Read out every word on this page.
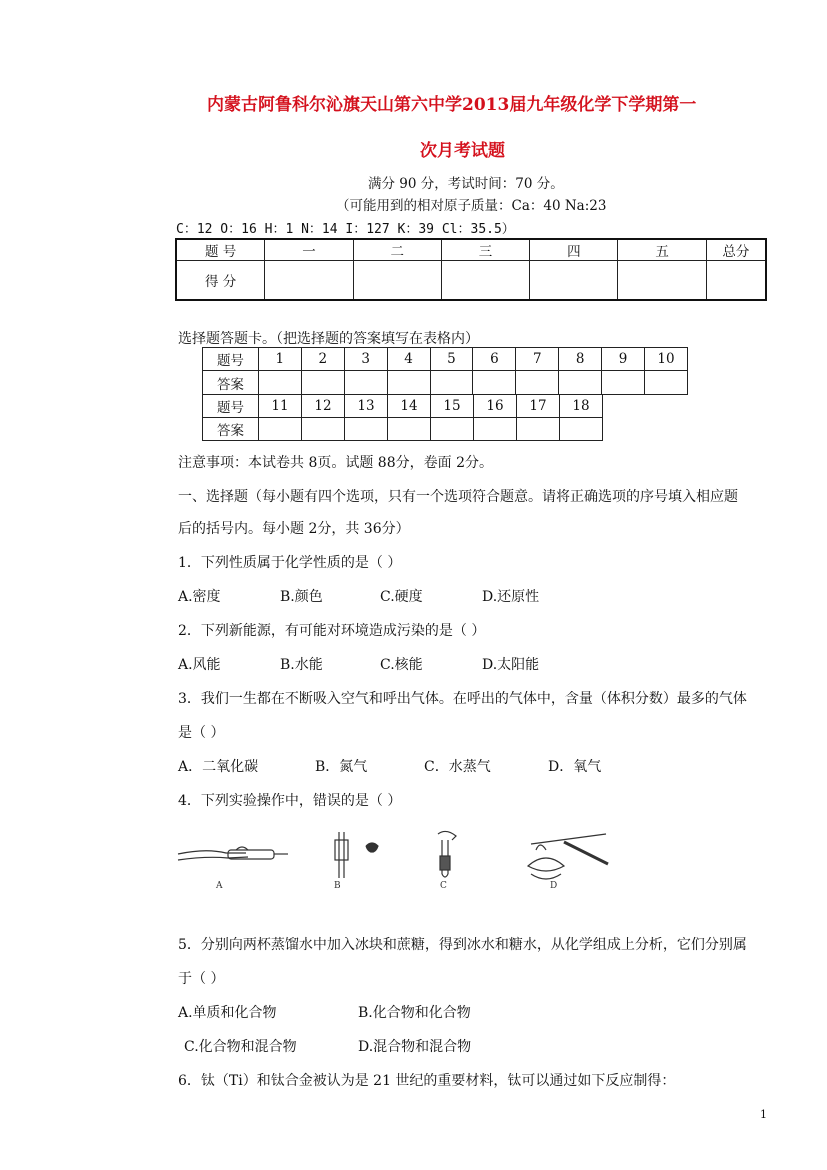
内蒙古阿鲁科尔沁旗天山第六中学2013届九年级化学下学期第一
次月考试题
满分 90 分，考试时间：70 分。
（可能用到的相对原子质量：Ca：40 Na:23
C：12 O：16 H：1 N：14 I：127 K：39 Cl：35.5）
题 号	一	二	三	四	五	总分
得 分						
选择题答题卡。（把选择题的答案填写在表格内）
题号	1	2	3	4	5	6	7	8	9	10
答案										
题号	11	12	13	14	15	16	17	18
答案								
注意事项：本试卷共 8页。试题 88分，卷面 2分。
一、选择题（每小题有四个选项，只有一个选项符合题意。请将正确选项的序号填入相应题
后的括号内。每小题 2分，共 36分）
1．下列性质属于化学性质的是（ ）
A.密度	B.颜色	C.硬度	D.还原性
2．下列新能源，有可能对环境造成污染的是（ ）
A.风能	B.水能	C.核能	D.太阳能
3．我们一生都在不断吸入空气和呼出气体。在呼出的气体中，含量（体积分数）最多的气体
是（ ）
A．二氧化碳	B．氮气	C．水蒸气	D．氧气
4．下列实验操作中，错误的是（ ）
A	B	C	D
5．分别向两杯蒸馏水中加入冰块和蔗糖，得到冰水和糖水，从化学组成上分析，它们分别属
于（ ）
A.单质和化合物	B.化合物和化合物
C.化合物和混合物	D.混合物和混合物
6．钛（Ti）和钛合金被认为是 21 世纪的重要材料，钛可以通过如下反应制得：
1
